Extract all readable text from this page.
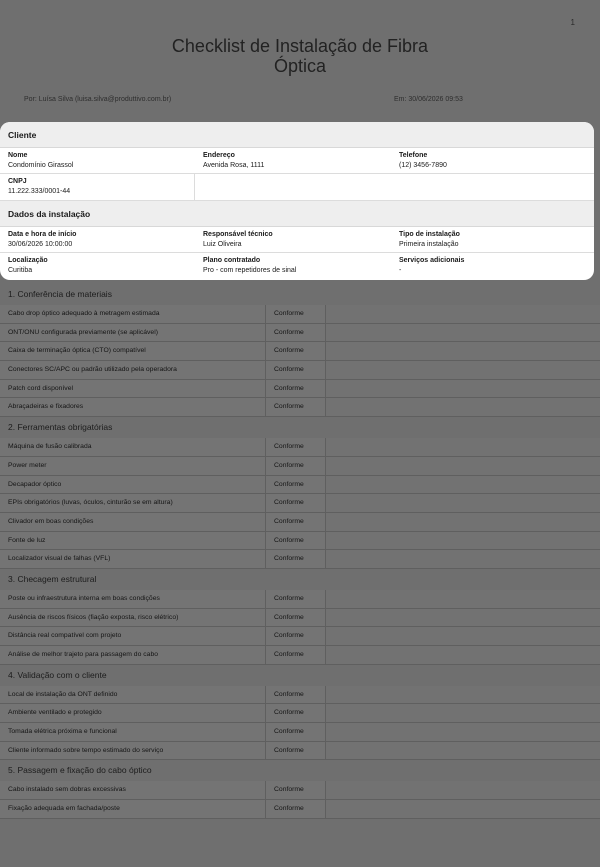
1
Checklist de Instalação de Fibra
Óptica
Por: Luísa Silva (luisa.silva@produttivo.com.br)	Em: 30/06/2026 09:53
Cliente
Nome
Condomínio Girassol
Endereço
Avenida Rosa, 1111
Telefone
(12) 3456-7890
CNPJ
11.222.333/0001-44
Dados da instalação
Data e hora de início
30/06/2026 10:00:00
Responsável técnico
Luiz Oliveira
Tipo de instalação
Primeira instalação
Localização
Curitiba
Plano contratado
Pro - com repetidores de sinal
Serviços adicionais
-
1. Conferência de materiais
Cabo drop óptico adequado à metragem estimada	Conforme
ONT/ONU configurada previamente (se aplicável)	Conforme
Caixa de terminação óptica (CTO) compatível	Conforme
Conectores SC/APC ou padrão utilizado pela operadora	Conforme
Patch cord disponível	Conforme
Abraçadeiras e fixadores	Conforme
2. Ferramentas obrigatórias
Máquina de fusão calibrada	Conforme
Power meter	Conforme
Decapador óptico	Conforme
EPIs obrigatórios (luvas, óculos, cinturão se em altura)	Conforme
Clivador em boas condições	Conforme
Fonte de luz	Conforme
Localizador visual de falhas (VFL)	Conforme
3. Checagem estrutural
Poste ou infraestrutura interna em boas condições	Conforme
Ausência de riscos físicos (fiação exposta, risco elétrico)	Conforme
Distância real compatível com projeto	Conforme
Análise de melhor trajeto para passagem do cabo	Conforme
4. Validação com o cliente
Local de instalação da ONT definido	Conforme
Ambiente ventilado e protegido	Conforme
Tomada elétrica próxima e funcional	Conforme
Cliente informado sobre tempo estimado do serviço	Conforme
5. Passagem e fixação do cabo óptico
Cabo instalado sem dobras excessivas	Conforme
Fixação adequada em fachada/poste	Conforme
